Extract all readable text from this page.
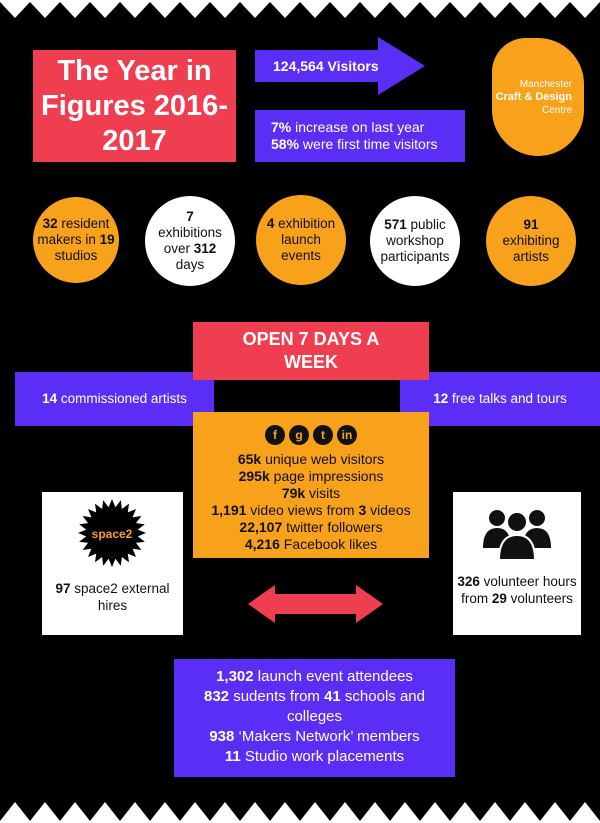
The Year in Figures 2016-2017
124,564 Visitors
7% increase on last year
58% were first time visitors
Manchester
Craft & Design
Centre
32 resident makers in 19 studios
7 exhibitions over 312 days
4 exhibition launch events
571 public workshop participants
91 exhibiting artists
14 commissioned artists	12 free talks and tours
OPEN 7 DAYS A WEEK
f	g	t	in
65k unique web visitors
295k page impressions
79k visits
1,191 video views from 3 videos
22,107 twitter followers
4,216 Facebook likes
space2
97 space2 external hires
326 volunteer hours from 29 volunteers
1,302 launch event attendees
832 sudents from 41 schools and colleges
938 ‘Makers Network’ members
11 Studio work placements
